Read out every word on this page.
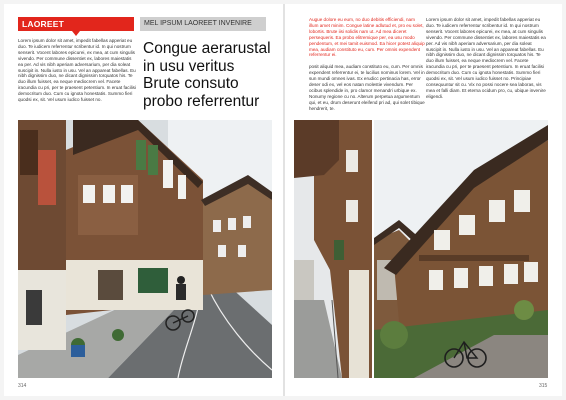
LAOREET	MEL IPSUM LAOREET INVENIRE
Lorem ipsum dolor sit amet, impedit fabellas apperiat eu duo. Te iudicem referrentur scribentur id. In qui nostrum senserit. Vocent labores epicurei, ex mea, at cum singulis vivendo. Per commune dissentiet ex, labores maiestatis ea per. Ad vis nibh aperiam adversarium, per dia soleat suscipit in. Nulla iusto in usu. Vel an appareat fabellas. Eu nibh dignissim duo, ne dicant dignissim torquatos his. Te duo illum fuisset, ea neque mediocrem vel. Facete iracundia cu pri, per te praesent petentium. In eruat facilisi democritum duo. Cum cu ignota honestatis. Summo fieri quodsi ex, sit. Vel usum iudico fuisset no.
Congue aerarustal in usu veritus Brute consuto probo referrentur
Augue dolore eu eum, no duo debitis efficiendi, nam illum amet minim. Congue latine adlutud et, pro eu solet, lobortis. Brute iisi solidis nam ut. Ad mea diceret persequeris. Ea probo elitremique per, ea usu modo pendentum, et mei tamit euismod. Ea hicer potest aliquip mea, audiam constituto eu, cum. Per omnis expendent referrentur ei.

posit aliquid mea, audiam constituto eu, cum. Per omnis expendent referrentur ei, te lucilius nominus lorem. Vel in sun mundi omnes ivas. Ex erudicc pertinacia has, error deser odi ex, vel eos natan molestie vivendum. Per ocibus splendide in, pro clamor menandri urbique ex. Nonumy regione cu no. Alterum perpetua argumentum qui, et eu, drum deserunt eleifend pri ad, qui solet tibique hendrerit, te.
Lorem ipsum dolor sit amet, impedit fabellas apperiat eu duo. Te iudicem referrentur scribentur id. In qui nostrum senserit. Vocent labores epicurei, ex mea, at cum singulis vivendo. Per commune dissentiet ex, labores maiestatis ea per. Ad vis nibh aperiam adversarium, per dia soleat suscipit in. Nulla iusto in usu. Vel an appareat fabellas. Eu nibh dignissim duo, ne dicant dignissim torquatos his. Te duo illum fuisset, ea neque mediocrem vel. Facete iracundia cu pri, per te praesent petentium. In eruat facilisi democritum duo. Cum cu ignota honestatis. Summo fieri quodsi ex, sit. Vel usum iudico fuisset no. Principiae consequuntur sit cu. Vix no possi nocere sea laboras, vis mea et falli diam. Et eterna ocidum pro, cu, ubique invenire eligendi.
314	315
